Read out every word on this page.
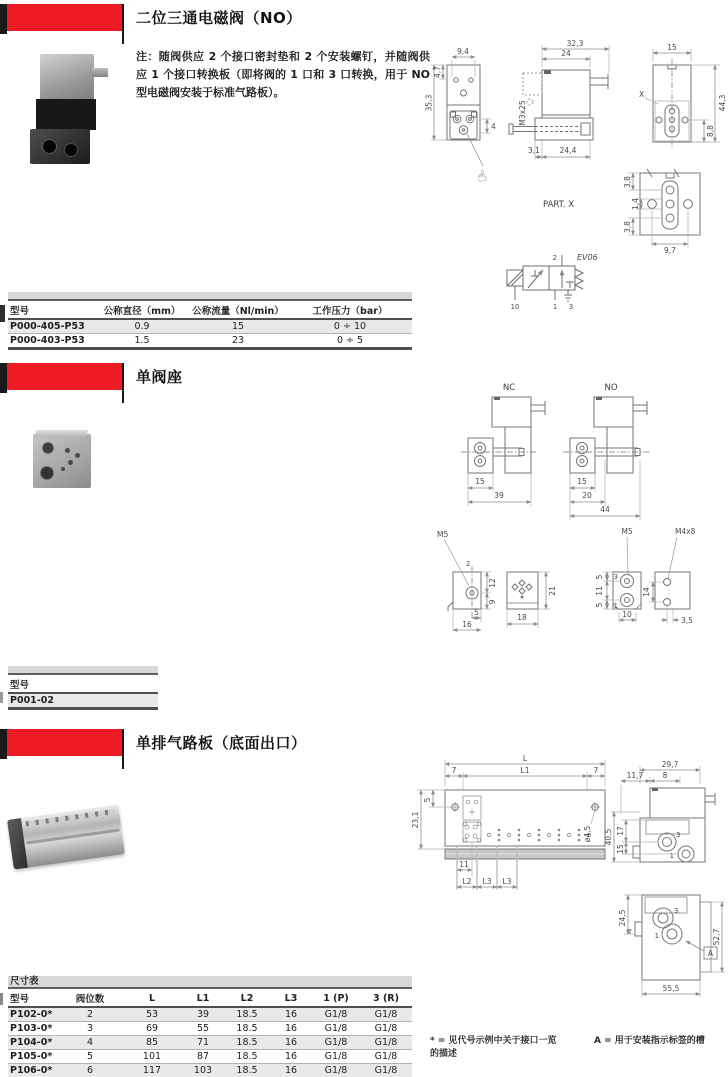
二位三通电磁阀（NO）
注：随阀供应 2 个接口密封垫和 2 个安装螺钉，并随阀供应 1 个接口转换板（即将阀的 1 口和 3 口转换，用于 NO 型电磁阀安装于标准气路板）。
9,4
4,7
35,3
4
☝
32,3
24
M3x25
3,1	24,4
15
X
8,8
44,3
PART. X
3,8
1,4
3,8
9,7
2	EV06
10	1 3
型号	公称直径（mm）	公称流量（Nl/min）	工作压力（bar）
P000-405-P53	0.9	15	0 ÷ 10
P000-403-P53	1.5	23	0 ÷ 5
单阀座
NC
15
39
NO
15
20
44
M5
2
12
9
5
16
18
21
M5
3
1
5
11
5
10
M4x8
14
3,5
型号
P001-02
单排气路板（底面出口）
L
7	L1	7
5
23,1
ø4,5
11
L2 L3 L3
3
1
29,7
11,7	8
17
15
40,5
3
1
2
A
24,5
52,7
55,5
尺寸表
型号	阀位数	L	L1	L2	L3	1 (P)	3 (R)
P102-0*	2	53	39	18.5	16	G1/8	G1/8
P103-0*	3	69	55	18.5	16	G1/8	G1/8
P104-0*	4	85	71	18.5	16	G1/8	G1/8
P105-0*	5	101	87	18.5	16	G1/8	G1/8
P106-0*	6	117	103	18.5	16	G1/8	G1/8
* = 见代号示例中关于接口一览
的描述
A = 用于安装指示标签的槽
